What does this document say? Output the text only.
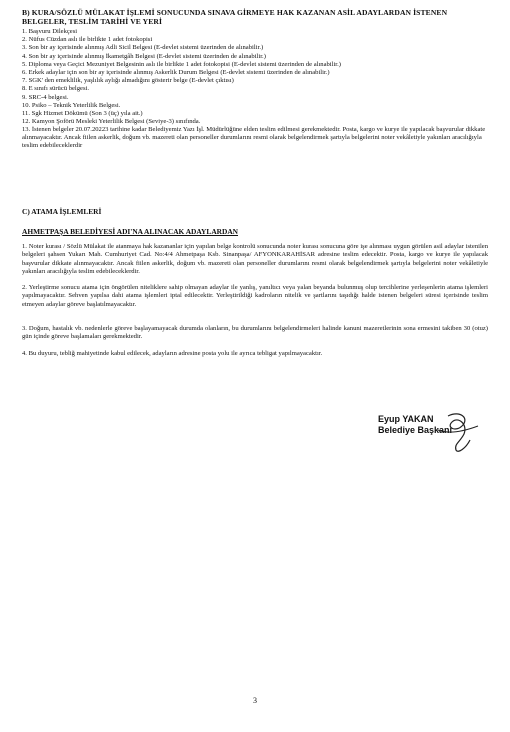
B) KURA/SÖZLÜ MÜLAKAT İŞLEMİ SONUCUNDA SINAVA GİRMEYE HAK KAZANAN ASİL ADAYLARDAN İSTENEN

BELGELER, TESLİM TARİHİ VE YERİ

1. Başvuru Dilekçesi
2. Nüfus Cüzdan aslı ile birlikte 1 adet fotokopisi
3. Son bir ay içerisinde alınmış Adli Sicil Belgesi (E-devlet sistemi üzerinden de alınabilir.)
4. Son bir ay içerisinde alınmış İkametgâh Belgesi (E-devlet sistemi üzerinden de alınabilir.)
5. Diploma veya Geçici Mezuniyet Belgesinin aslı ile birlikte 1 adet fotokopisi (E-devlet sistemi üzerinden de alınabilir.)
6. Erkek adaylar için son bir ay içerisinde alınmış Askerlik Durum Belgesi (E-devlet sistemi üzerinden de alınabilir.)
7. SGK' den emeklilik, yaşlılık aylığı almadığını gösterir belge (E-devlet çıktısı)
8. E sınıfı sürücü belgesi.
9. SRC-4 belgesi.
10. Psiko – Teknik Yeterlilik Belgesi.
11. Sgk Hizmet Dökümü (Son 3 (üç) yıla ait.)
12. Kamyon Şoförü Mesleki Yeterlilik Belgesi (Seviye-3) sınıfında.
13. İstenen belgeler 20.07.20223 tarihine kadar Belediyemiz Yazı İşl. Müdürlüğüne elden teslim edilmesi gerekmektedir. Posta, kargo ve kurye ile yapılacak başvurular dikkate alınmayacaktır. Ancak fiilen askerlik, doğum vb. mazereti olan personeller durumlarını resmi olarak belgelendirmek şartıyla belgelerini noter vekâletiyle yakınları aracılığıyla teslim edebileceklerdir

C) ATAMA İŞLEMLERİ

AHMETPAŞA BELEDİYESİ ADI'NA ALINACAK ADAYLARDAN

1. Noter kurası / Sözlü Mülakat ile atanmaya hak kazananlar için yapılan belge kontrolü sonucunda noter kurası sonucuna göre işe alınması uygun görülen asil adaylar istenilen belgeleri şahsen Yukarı Mah. Cumhuriyet Cad. No:4/4 Ahmetpaşa Ksb. Sinanpaşa/ AFYONKARAHİSAR adresine teslim edecektir. Posta, kargo ve kurye ile yapılacak başvurular dikkate alınmayacaktır. Ancak fiilen askerlik, doğum vb. mazereti olan personeller durumlarını resmi olarak belgelendirmek şartıyla belgelerini noter vekâletiyle yakınları aracılığıyla teslim edebileceklerdir.

2. Yerleştirme sonucu atama için öngörülen niteliklere sahip olmayan adaylar ile yanlış, yanıltıcı veya yalan beyanda bulunmuş olup tercihlerine yerleşenlerin atama işlemleri yapılmayacaktır. Sehven yapılsa dahi atama işlemleri iptal edilecektir. Yerleştirildiği kadroların nitelik ve şartlarını taşıdığı halde istenen belgeleri süresi içerisinde teslim etmeyen adaylar göreve başlatılmayacaktır.

3. Doğum, hastalık vb. nedenlerle göreve başlayamayacak durumda olanların, bu durumlarını belgelendirmeleri halinde kanuni mazeretlerinin sona ermesini takiben 30 (otuz) gün içinde göreve başlamaları gerekmektedir.

4. Bu duyuru, tebliğ mahiyetinde kabul edilecek, adayların adresine posta yolu ile ayrıca tebligat yapılmayacaktır.

Eyup YAKAN
Belediye Başkanı
3
